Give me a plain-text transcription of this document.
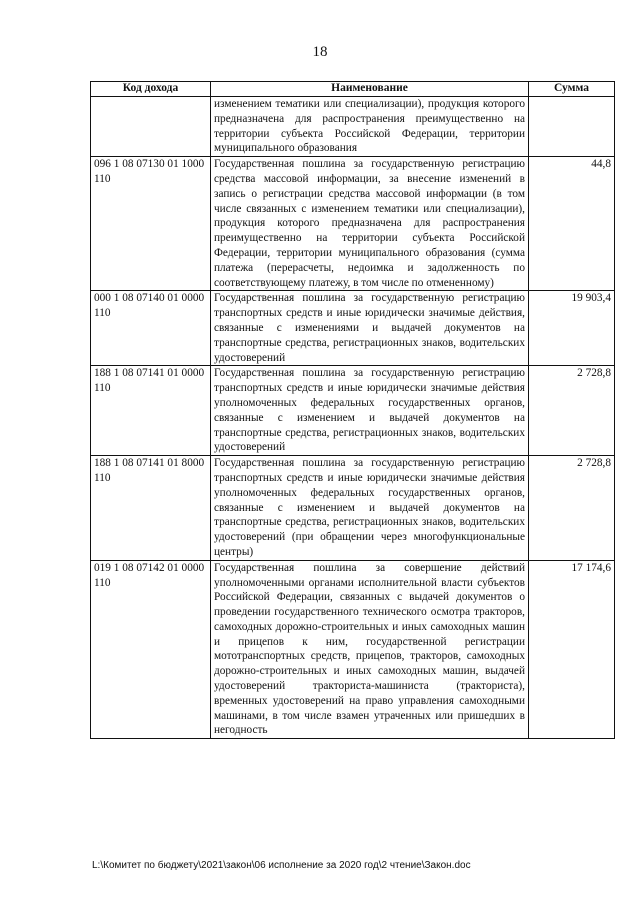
18
Код дохода	Наименование	Сумма
	изменением тематики или специализации), продукция которого предназначена для распространения преимущественно на территории субъекта Российской Федерации, территории муниципального образования	
096 1 08 07130 01 1000 110	Государственная пошлина за государственную регистрацию средства массовой информации, за внесение изменений в запись о регистрации средства массовой информации (в том числе связанных с изменением тематики или специализации), продукция которого предназначена для распространения преимущественно на территории субъекта Российской Федерации, территории муниципального образования (сумма платежа (перерасчеты, недоимка и задолженность по соответствующему платежу, в том числе по отмененному)	44,8
000 1 08 07140 01 0000 110	Государственная пошлина за государственную регистрацию транспортных средств и иные юридически значимые действия, связанные с изменениями и выдачей документов на транспортные средства, регистрационных знаков, водительских удостоверений	19 903,4
188 1 08 07141 01 0000 110	Государственная пошлина за государственную регистрацию транспортных средств и иные юридически значимые действия уполномоченных федеральных государственных органов, связанные с изменением и выдачей документов на транспортные средства, регистрационных знаков, водительских удостоверений	2 728,8
188 1 08 07141 01 8000 110	Государственная пошлина за государственную регистрацию транспортных средств и иные юридически значимые действия уполномоченных федеральных государственных органов, связанные с изменением и выдачей документов на транспортные средства, регистрационных знаков, водительских удостоверений (при обращении через многофункциональные центры)	2 728,8
019 1 08 07142 01 0000 110	Государственная пошлина за совершение действий уполномоченными органами исполнительной власти субъектов Российской Федерации, связанных с выдачей документов о проведении государственного технического осмотра тракторов, самоходных дорожно-строительных и иных самоходных машин и прицепов к ним, государственной регистрации мототранспортных средств, прицепов, тракторов, самоходных дорожно-строительных и иных самоходных машин, выдачей удостоверений тракториста-машиниста (тракториста), временных удостоверений на право управления самоходными машинами, в том числе взамен утраченных или пришедших в негодность	17 174,6
L:\Комитет по бюджету\2021\закон\06 исполнение за 2020 год\2 чтение\Закон.doc
